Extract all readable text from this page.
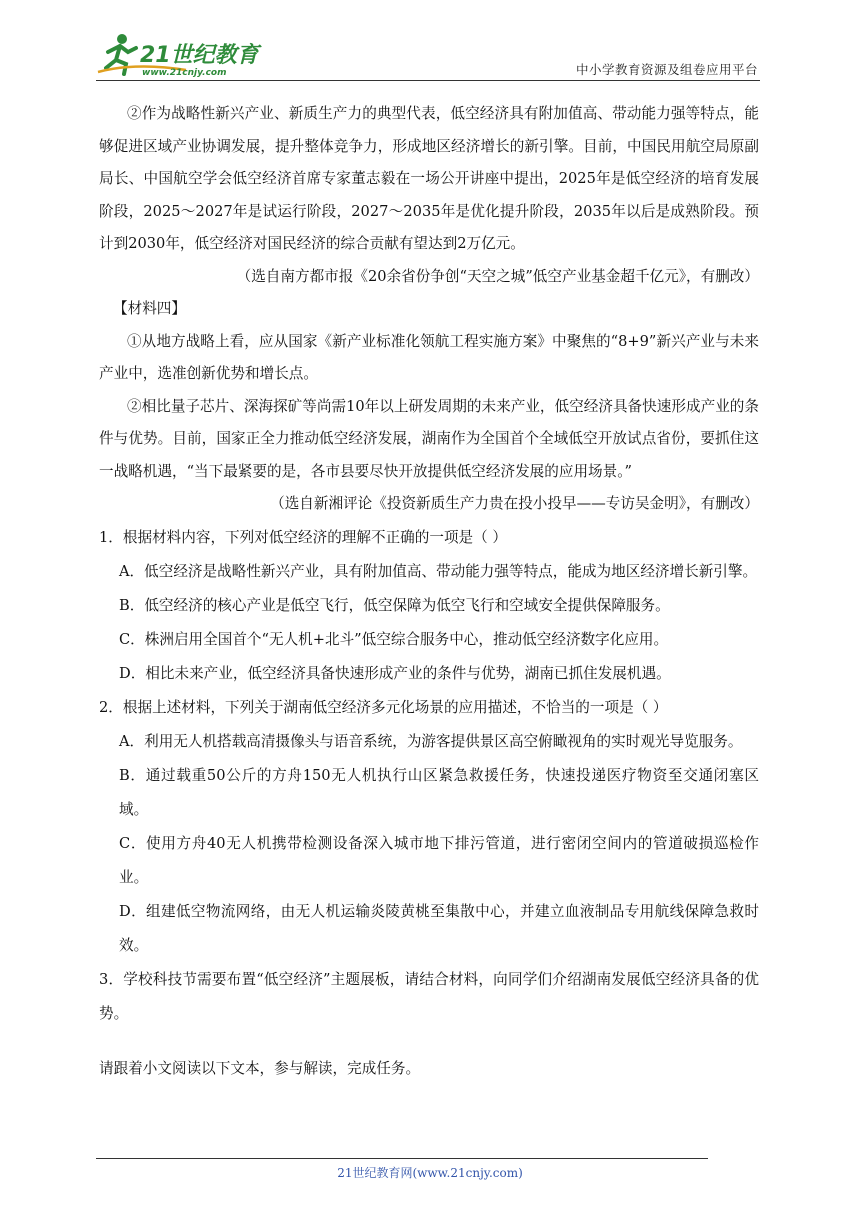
21世纪教育
www.21cnjy.com	中小学教育资源及组卷应用平台

②作为战略性新兴产业、新质生产力的典型代表，低空经济具有附加值高、带动能力强等特点，能够促进区域产业协调发展，提升整体竞争力，形成地区经济增长的新引擎。目前，中国民用航空局原副局长、中国航空学会低空经济首席专家董志毅在一场公开讲座中提出，2025年是低空经济的培育发展阶段，2025～2027年是试运行阶段，2027～2035年是优化提升阶段，2035年以后是成熟阶段。预计到2030年，低空经济对国民经济的综合贡献有望达到2万亿元。

（选自南方都市报《20余省份争创“天空之城”低空产业基金超千亿元》，有删改）

【材料四】

①从地方战略上看，应从国家《新产业标准化领航工程实施方案》中聚焦的“8+9”新兴产业与未来产业中，选准创新优势和增长点。

②相比量子芯片、深海探矿等尚需10年以上研发周期的未来产业，低空经济具备快速形成产业的条件与优势。目前，国家正全力推动低空经济发展，湖南作为全国首个全域低空开放试点省份，要抓住这一战略机遇，“当下最紧要的是，各市县要尽快开放提供低空经济发展的应用场景。”

（选自新湘评论《投资新质生产力贵在投小投早——专访吴金明》，有删改）

1．根据材料内容，下列对低空经济的理解不正确的一项是（ ）

A．低空经济是战略性新兴产业，具有附加值高、带动能力强等特点，能成为地区经济增长新引擎。

B．低空经济的核心产业是低空飞行，低空保障为低空飞行和空域安全提供保障服务。

C．株洲启用全国首个“无人机+北斗”低空综合服务中心，推动低空经济数字化应用。

D．相比未来产业，低空经济具备快速形成产业的条件与优势，湖南已抓住发展机遇。

2．根据上述材料，下列关于湖南低空经济多元化场景的应用描述，不恰当的一项是（ ）

A．利用无人机搭载高清摄像头与语音系统，为游客提供景区高空俯瞰视角的实时观光导览服务。

B．通过载重50公斤的方舟150无人机执行山区紧急救援任务，快速投递医疗物资至交通闭塞区域。

C．使用方舟40无人机携带检测设备深入城市地下排污管道，进行密闭空间内的管道破损巡检作业。

D．组建低空物流网络，由无人机运输炎陵黄桃至集散中心，并建立血液制品专用航线保障急救时效。

3．学校科技节需要布置“低空经济”主题展板，请结合材料，向同学们介绍湖南发展低空经济具备的优势。

请跟着小文阅读以下文本，参与解读，完成任务。

21世纪教育网(www.21cnjy.com)
